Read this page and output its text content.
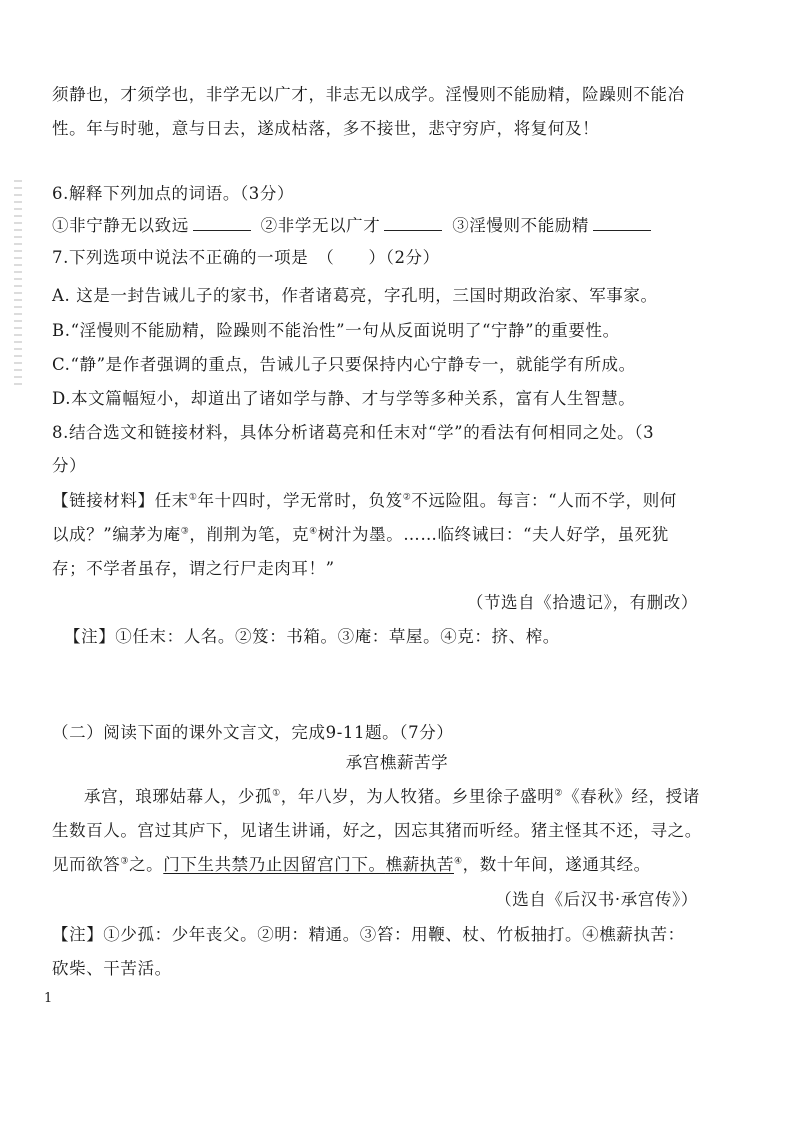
须静也，才须学也，非学无以广才，非志无以成学。淫慢则不能励精，险躁则不能冶
性。年与时驰，意与日去，遂成枯落，多不接世，悲守穷庐，将复何及！
6.解释下列加点的词语。（3分）
①非宁静无以致远	②非学无以广才	③淫慢则不能励精
7.下列选项中说法不正确的一项是　（　　）（2分）
A. 这是一封告诫儿子的家书，作者诸葛亮，字孔明，三国时期政治家、军事家。
B.“淫慢则不能励精，险躁则不能治性”一句从反面说明了“宁静”的重要性。
C.“静”是作者强调的重点，告诫儿子只要保持内心宁静专一，就能学有所成。
D.本文篇幅短小，却道出了诸如学与静、才与学等多种关系，富有人生智慧。
8.结合选文和链接材料，具体分析诸葛亮和任末对“学”的看法有何相同之处。（3
分）
【链接材料】任末①年十四时，学无常时，负笈②不远险阻。每言：“人而不学，则何
以成？”编茅为庵③，削荆为笔，克④树汁为墨。……临终诫曰：“夫人好学，虽死犹
存；不学者虽存，谓之行尸走肉耳！”
（节选自《拾遗记》，有删改）
【注】①任末：人名。②笈：书箱。③庵：草屋。④克：挤、榨。
（二）阅读下面的课外文言文，完成9-11题。（7分）
承宫樵薪苦学
承宫，琅琊姑幕人，少孤①，年八岁，为人牧猪。乡里徐子盛明②《春秋》经，授诸
生数百人。宫过其庐下，见诸生讲诵，好之，因忘其猪而听经。猪主怪其不还，寻之。
见而欲答③之。门下生共禁乃止因留宫门下。樵薪执苦④，数十年间，遂通其经。
（选自《后汉书·承宫传》）
【注】①少孤：少年丧父。②明：精通。③笞：用鞭、杖、竹板抽打。④樵薪执苦：
砍柴、干苦活。
1
